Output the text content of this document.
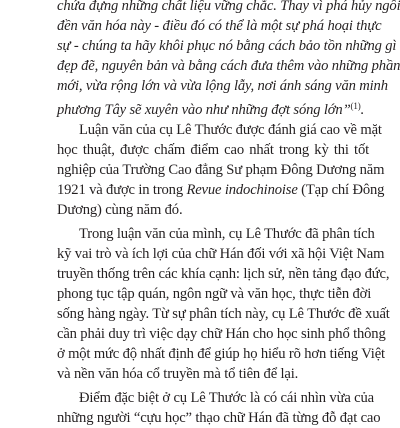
chứa đựng những chất liệu vững chắc. Thay vì phá hủy ngôi
đền văn hóa này - điều đó có thể là một sự phá hoại thực
sự - chúng ta hãy khôi phục nó bằng cách bảo tồn những gì
đẹp đẽ, nguyên bản và bằng cách đưa thêm vào những phần
mới, vừa rộng lớn và vừa lộng lẫy, nơi ánh sáng văn minh
phương Tây sẽ xuyên vào như những đợt sóng lớn”$^{(1)}$.
Luận văn của cụ Lê Thước được đánh giá cao về mặt
học thuật, được chấm điểm cao nhất trong kỳ thi tốt
nghiệp của Trường Cao đẳng Sư phạm Đông Dương năm
1921 và được in trong Revue indochinoise (Tạp chí Đông
Dương) cùng năm đó.
Trong luận văn của mình, cụ Lê Thước đã phân tích
kỹ vai trò và ích lợi của chữ Hán đối với xã hội Việt Nam
truyền thống trên các khía cạnh: lịch sử, nền tảng đạo đức,
phong tục tập quán, ngôn ngữ và văn học, thực tiễn đời
sống hàng ngày. Từ sự phân tích này, cụ Lê Thước đề xuất
cần phải duy trì việc dạy chữ Hán cho học sinh phổ thông
ở một mức độ nhất định để giúp họ hiểu rõ hơn tiếng Việt
và nền văn hóa cổ truyền mà tổ tiên để lại.
Điểm đặc biệt ở cụ Lê Thước là có cái nhìn vừa của
những người “cựu học” thạo chữ Hán đã từng đỗ đạt cao
